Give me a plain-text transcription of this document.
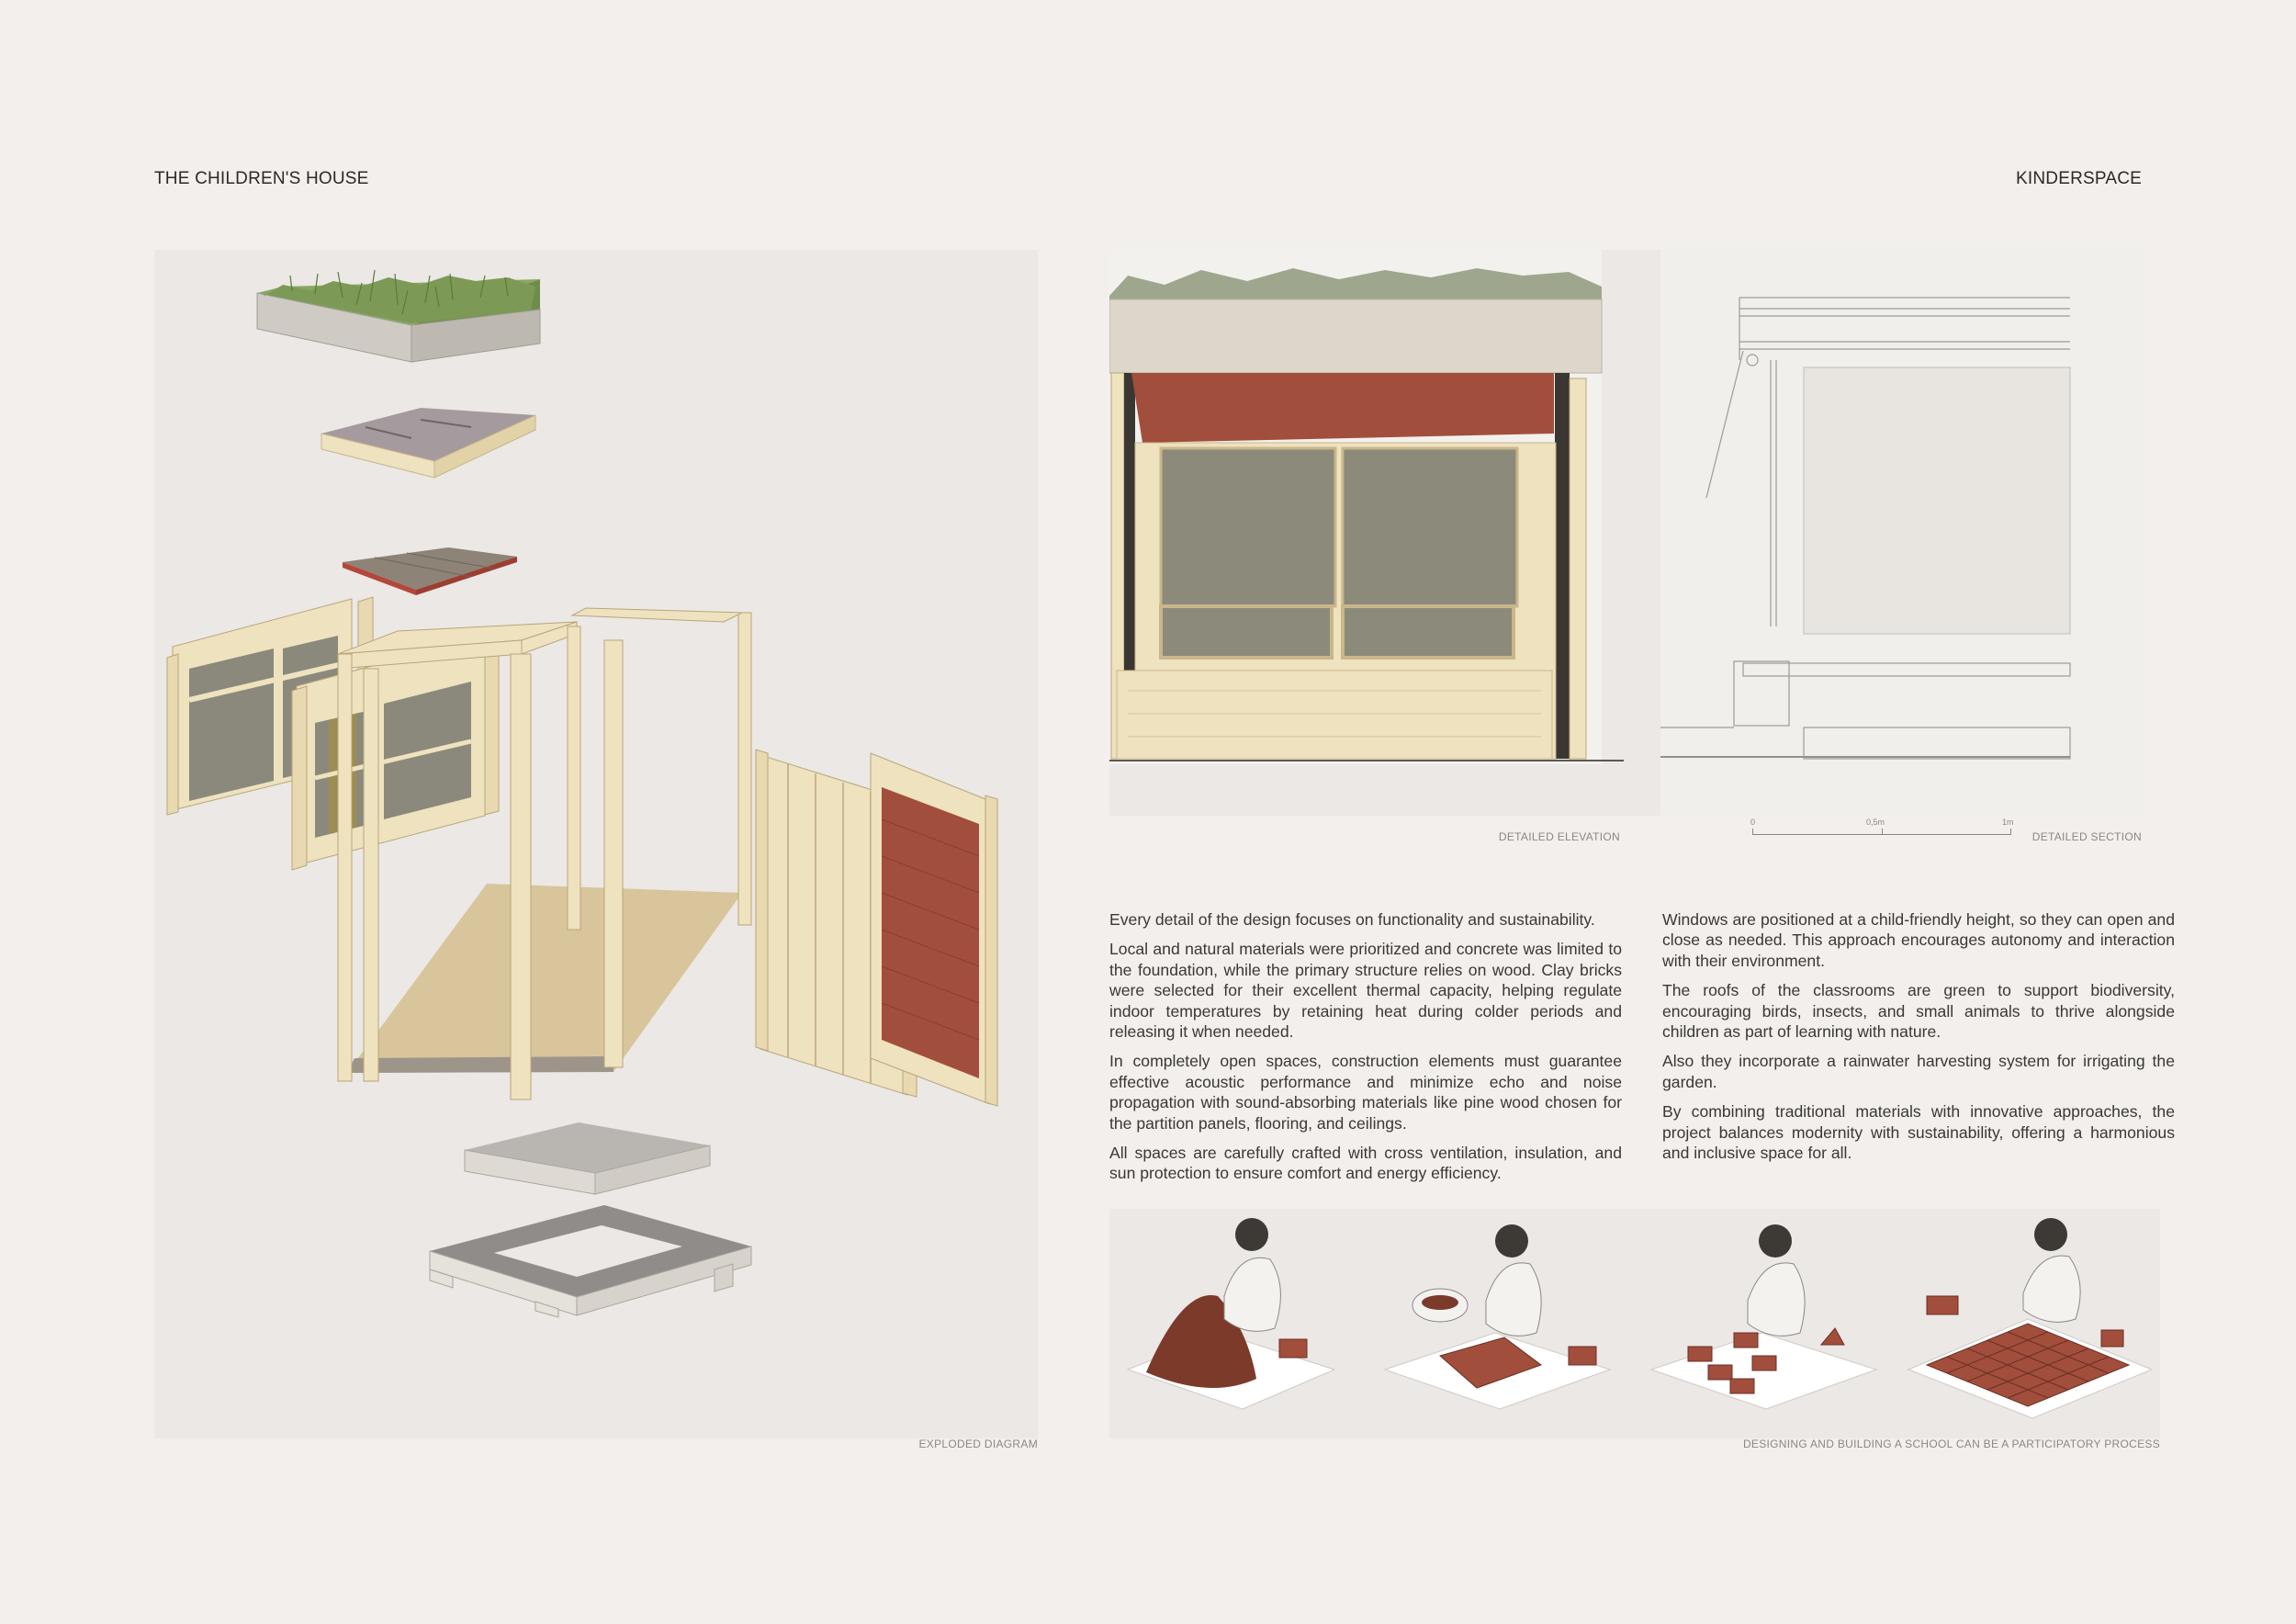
THE CHILDREN'S HOUSE	KINDERSPACE
EXPLODED DIAGRAM
0	0,5m	1m
DETAILED ELEVATION	DETAILED SECTION

Every detail of the design focuses on functionality and sustainability.

Local and natural materials were prioritized and concrete was limited to the foundation, while the primary structure relies on wood. Clay bricks were selected for their excellent thermal capacity, helping regulate indoor temperatures by retaining heat during colder periods and releasing it when needed.

In completely open spaces, construction elements must guarantee effective acoustic performance and minimize echo and noise propagation with sound-absorbing materials like pine wood chosen for the partition panels, flooring, and ceilings.

All spaces are carefully crafted with cross ventilation, insulation, and sun protection to ensure comfort and energy efficiency.

Windows are positioned at a child-friendly height, so they can open and close as needed. This approach encourages autonomy and interaction with their environment.

The roofs of the classrooms are green to support biodiversity, encouraging birds, insects, and small animals to thrive alongside children as part of learning with nature.

Also they incorporate a rainwater harvesting system for irrigating the garden.

By combining traditional materials with innovative approaches, the project balances modernity with sustainability, offering a harmonious and inclusive space for all.

DESIGNING AND BUILDING A SCHOOL CAN BE A PARTICIPATORY PROCESS
